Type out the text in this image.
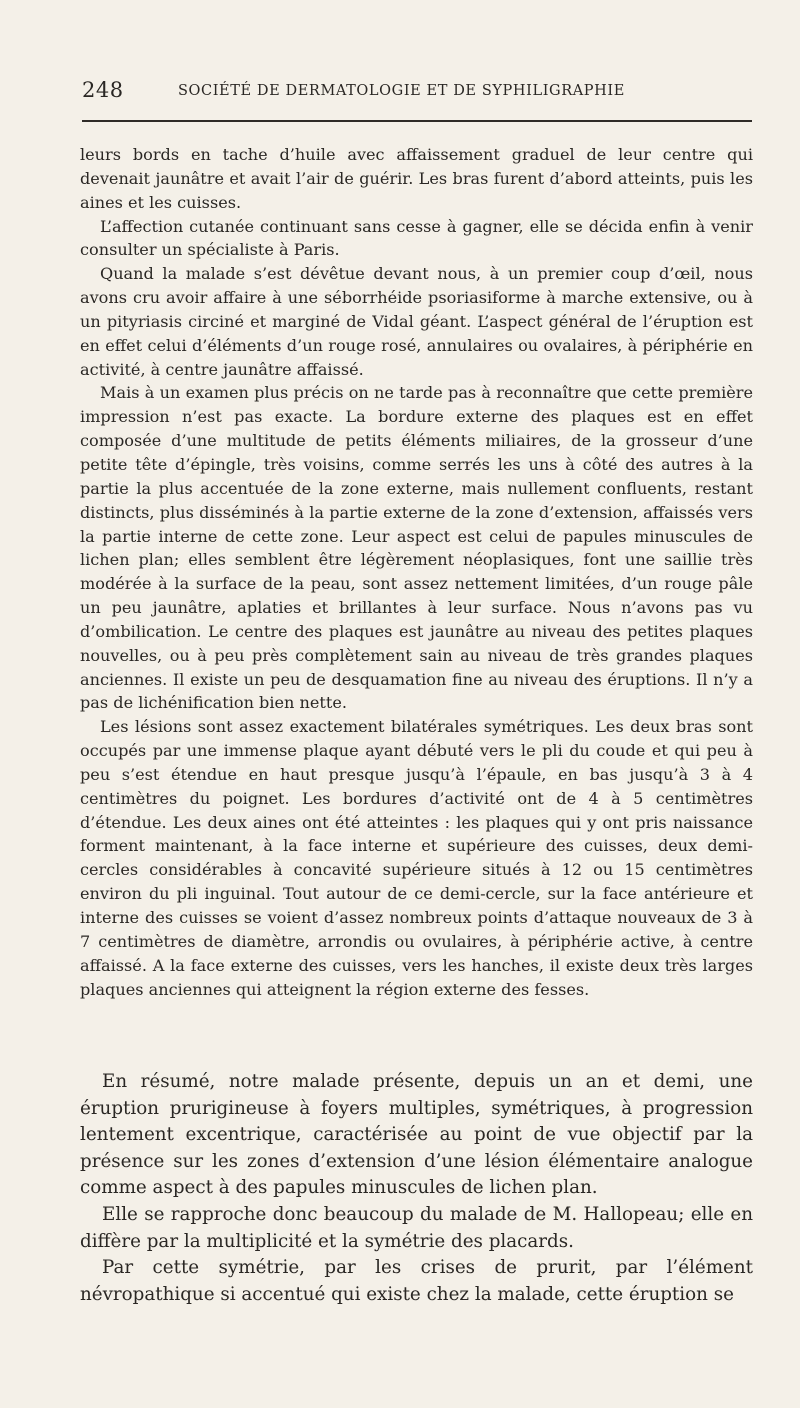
248	SOCIÉTÉ DE DERMATOLOGIE ET DE SYPHILIGRAPHIE

leurs bords en tache d’huile avec affaissement graduel de leur centre qui devenait jaunâtre et avait l’air de guérir. Les bras furent d’abord atteints, puis les aines et les cuisses.

L’affection cutanée continuant sans cesse à gagner, elle se décida enfin à venir consulter un spécialiste à Paris.

Quand la malade s’est dévêtue devant nous, à un premier coup d’œil, nous avons cru avoir affaire à une séborrhéide psoriasiforme à marche extensive, ou à un pityriasis circiné et marginé de Vidal géant. L’aspect général de l’éruption est en effet celui d’éléments d’un rouge rosé, annulaires ou ovalaires, à périphérie en activité, à centre jaunâtre affaissé.

Mais à un examen plus précis on ne tarde pas à reconnaître que cette première impression n’est pas exacte. La bordure externe des plaques est en effet composée d’une multitude de petits éléments miliaires, de la grosseur d’une petite tête d’épingle, très voisins, comme serrés les uns à côté des autres à la partie la plus accentuée de la zone externe, mais nullement confluents, restant distincts, plus disséminés à la partie externe de la zone d’extension, affaissés vers la partie interne de cette zone. Leur aspect est celui de papules minuscules de lichen plan; elles semblent être légèrement néoplasiques, font une saillie très modérée à la surface de la peau, sont assez nettement limitées, d’un rouge pâle un peu jaunâtre, aplaties et brillantes à leur surface. Nous n’avons pas vu d’ombilication. Le centre des plaques est jaunâtre au niveau des petites plaques nouvelles, ou à peu près complètement sain au niveau de très grandes plaques anciennes. Il existe un peu de desquamation fine au niveau des éruptions. Il n’y a pas de lichénification bien nette.

Les lésions sont assez exactement bilatérales symétriques. Les deux bras sont occupés par une immense plaque ayant débuté vers le pli du coude et qui peu à peu s’est étendue en haut presque jusqu’à l’épaule, en bas jusqu’à 3 à 4 centimètres du poignet. Les bordures d’activité ont de 4 à 5 centimètres d’étendue. Les deux aines ont été atteintes : les plaques qui y ont pris naissance forment maintenant, à la face interne et supérieure des cuisses, deux demi-cercles considérables à concavité supérieure situés à 12 ou 15 centimètres environ du pli inguinal. Tout autour de ce demi-cercle, sur la face antérieure et interne des cuisses se voient d’assez nombreux points d’attaque nouveaux de 3 à 7 centimètres de diamètre, arrondis ou ovulaires, à périphérie active, à centre affaissé. A la face externe des cuisses, vers les hanches, il existe deux très larges plaques anciennes qui atteignent la région externe des fesses.

En résumé, notre malade présente, depuis un an et demi, une éruption prurigineuse à foyers multiples, symétriques, à progression lentement excentrique, caractérisée au point de vue objectif par la présence sur les zones d’extension d’une lésion élémentaire analogue comme aspect à des papules minuscules de lichen plan.

Elle se rapproche donc beaucoup du malade de M. Hallopeau; elle en diffère par la multiplicité et la symétrie des placards.

Par cette symétrie, par les crises de prurit, par l’élément névropathique si accentué qui existe chez la malade, cette éruption se
